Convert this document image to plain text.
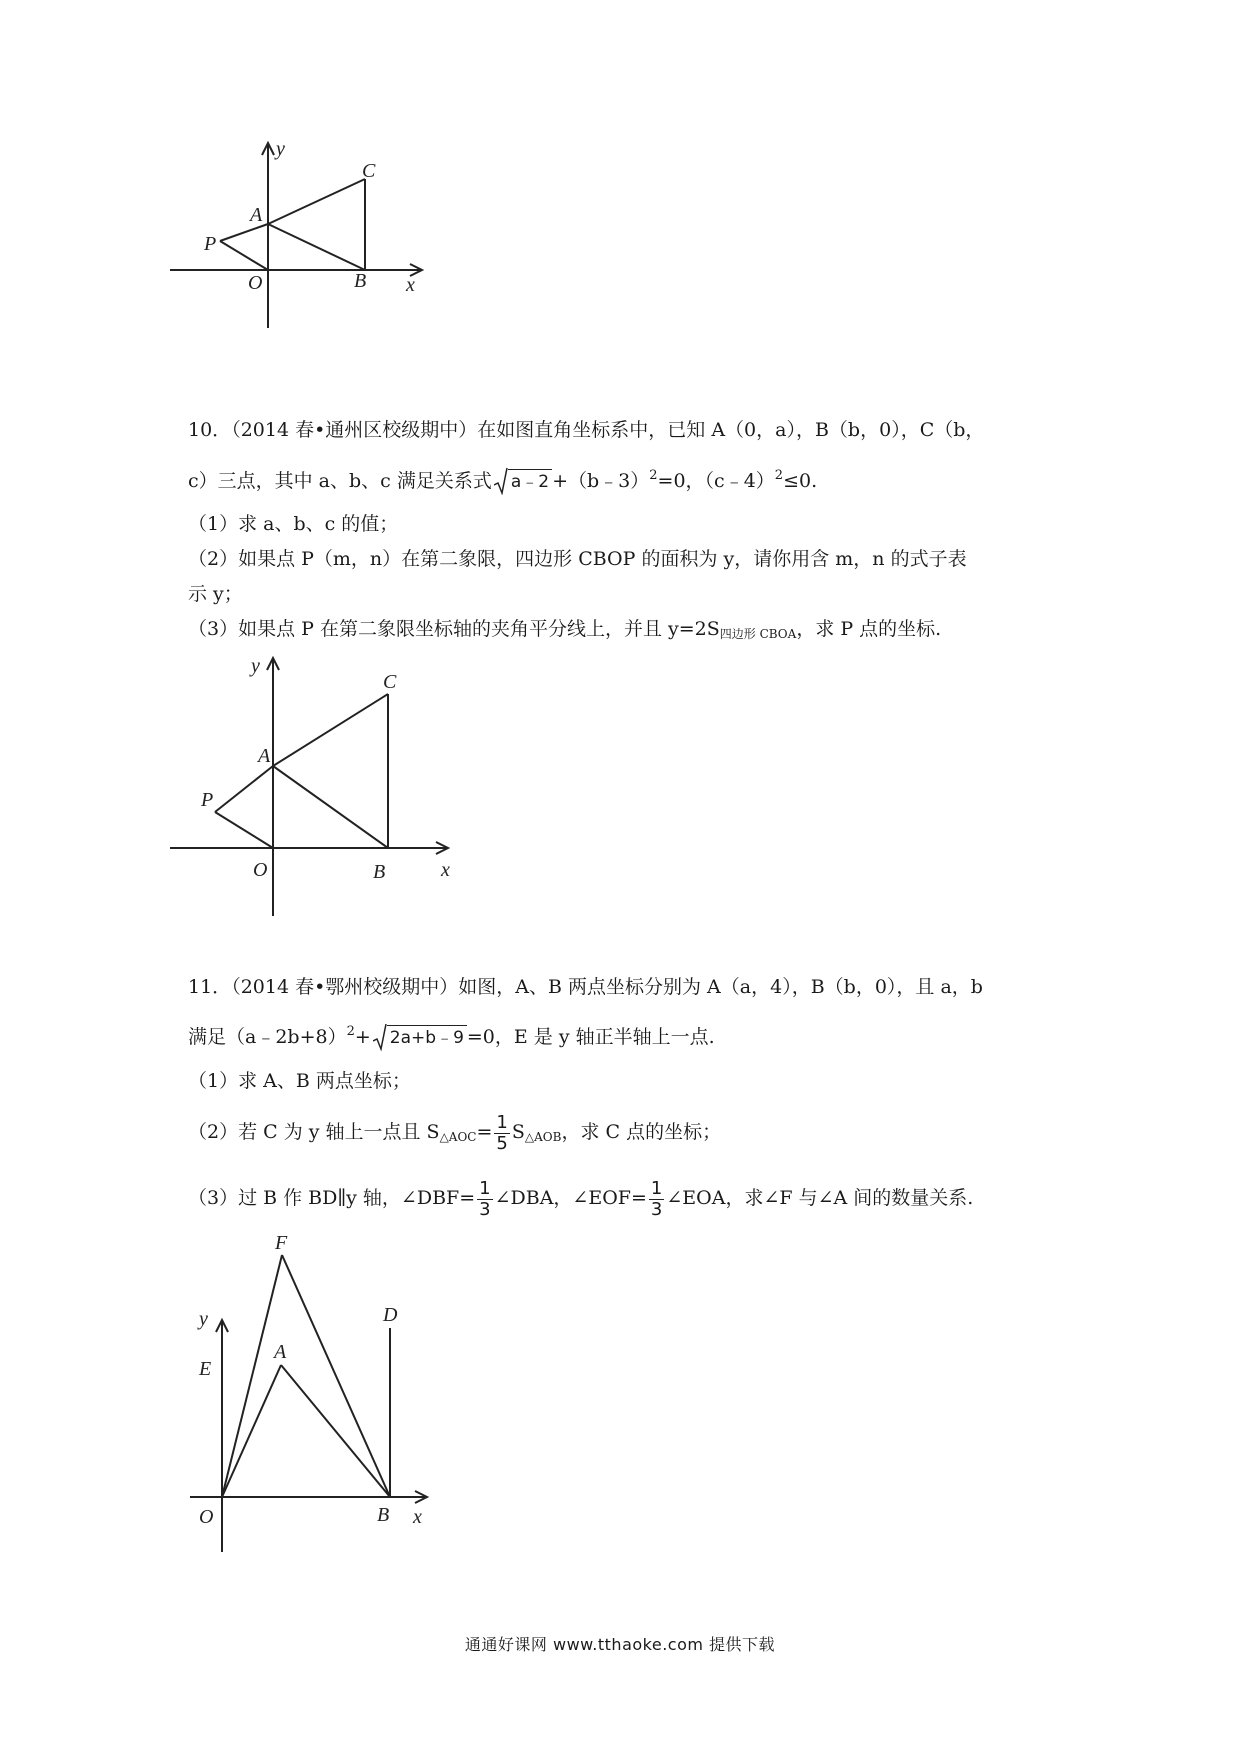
y
C
A
P
O	B x
10．（2014 春•通州区校级期中）在如图直角坐标系中，已知 A（0，a），B（b，0），C（b，
c）三点，其中 a、b、c 满足关系式 a﹣2 +（b﹣3）$^2$=0，（c﹣4）$^2$≤0.
（1）求 a、b、c 的值；
（2）如果点 P（m，n）在第二象限，四边形 CBOP 的面积为 y，请你用含 m，n 的式子表
示 y；
（3）如果点 P 在第二象限坐标轴的夹角平分线上，并且 $y=2S_{四边形 CBOA}$，求 P 点的坐标.
y
C
A
P
O	B	x
11．（2014 春•鄂州校级期中）如图，A、B 两点坐标分别为 A（a，4），B（b，0），且 a，b
满足（a﹣2b+8）$^2$+ 2a+b﹣9 =0，E 是 y 轴正半轴上一点.
（1）求 A、B 两点坐标；
（2）若 C 为 y 轴上一点且 $S_{\triangle AOC}= \frac{1}{5} S_{\triangle AOB}$，求 C 点的坐标；
（3）过 B 作 BD∥y 轴，∠DBF= $\frac{1}{3}$ ∠DBA，∠EOF= $\frac{1}{3}$ ∠EOA，求∠F 与∠A 间的数量关系.
F
D
y
E
A
O	B x
通通好课网 www.tthaoke.com 提供下载
